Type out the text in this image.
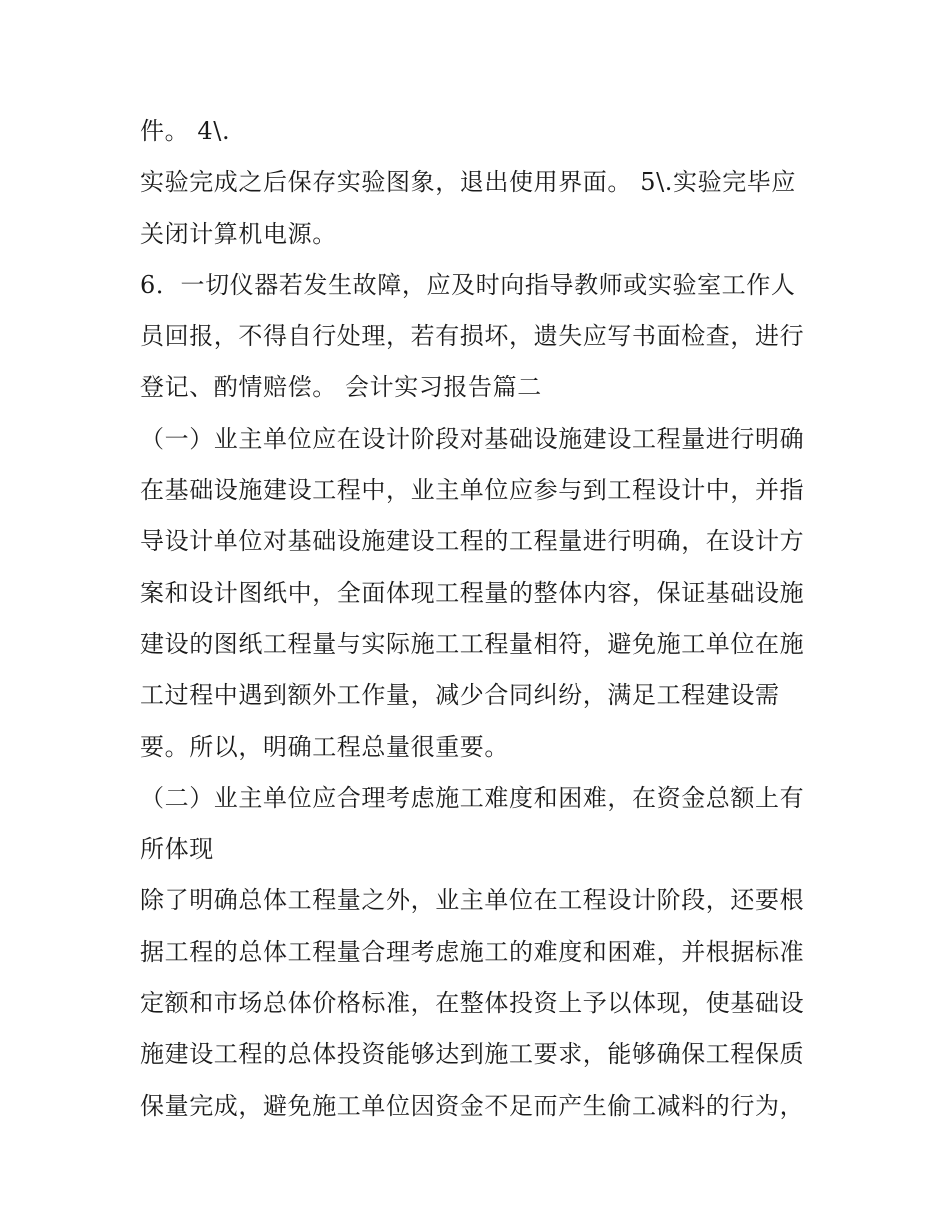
件。 4\.
实验完成之后保存实验图象，退出使用界面。 5\.实验完毕应
关闭计算机电源。
6．一切仪器若发生故障，应及时向指导教师或实验室工作人
员回报，不得自行处理，若有损坏，遗失应写书面检查，进行
登记、酌情赔偿。 会计实习报告篇二
（一）业主单位应在设计阶段对基础设施建设工程量进行明确
在基础设施建设工程中，业主单位应参与到工程设计中，并指
导设计单位对基础设施建设工程的工程量进行明确，在设计方
案和设计图纸中，全面体现工程量的整体内容，保证基础设施
建设的图纸工程量与实际施工工程量相符，避免施工单位在施
工过程中遇到额外工作量，减少合同纠纷，满足工程建设需
要。所以，明确工程总量很重要。
（二）业主单位应合理考虑施工难度和困难，在资金总额上有
所体现
除了明确总体工程量之外，业主单位在工程设计阶段，还要根
据工程的总体工程量合理考虑施工的难度和困难，并根据标准
定额和市场总体价格标准，在整体投资上予以体现，使基础设
施建设工程的总体投资能够达到施工要求，能够确保工程保质
保量完成，避免施工单位因资金不足而产生偷工减料的行为，
